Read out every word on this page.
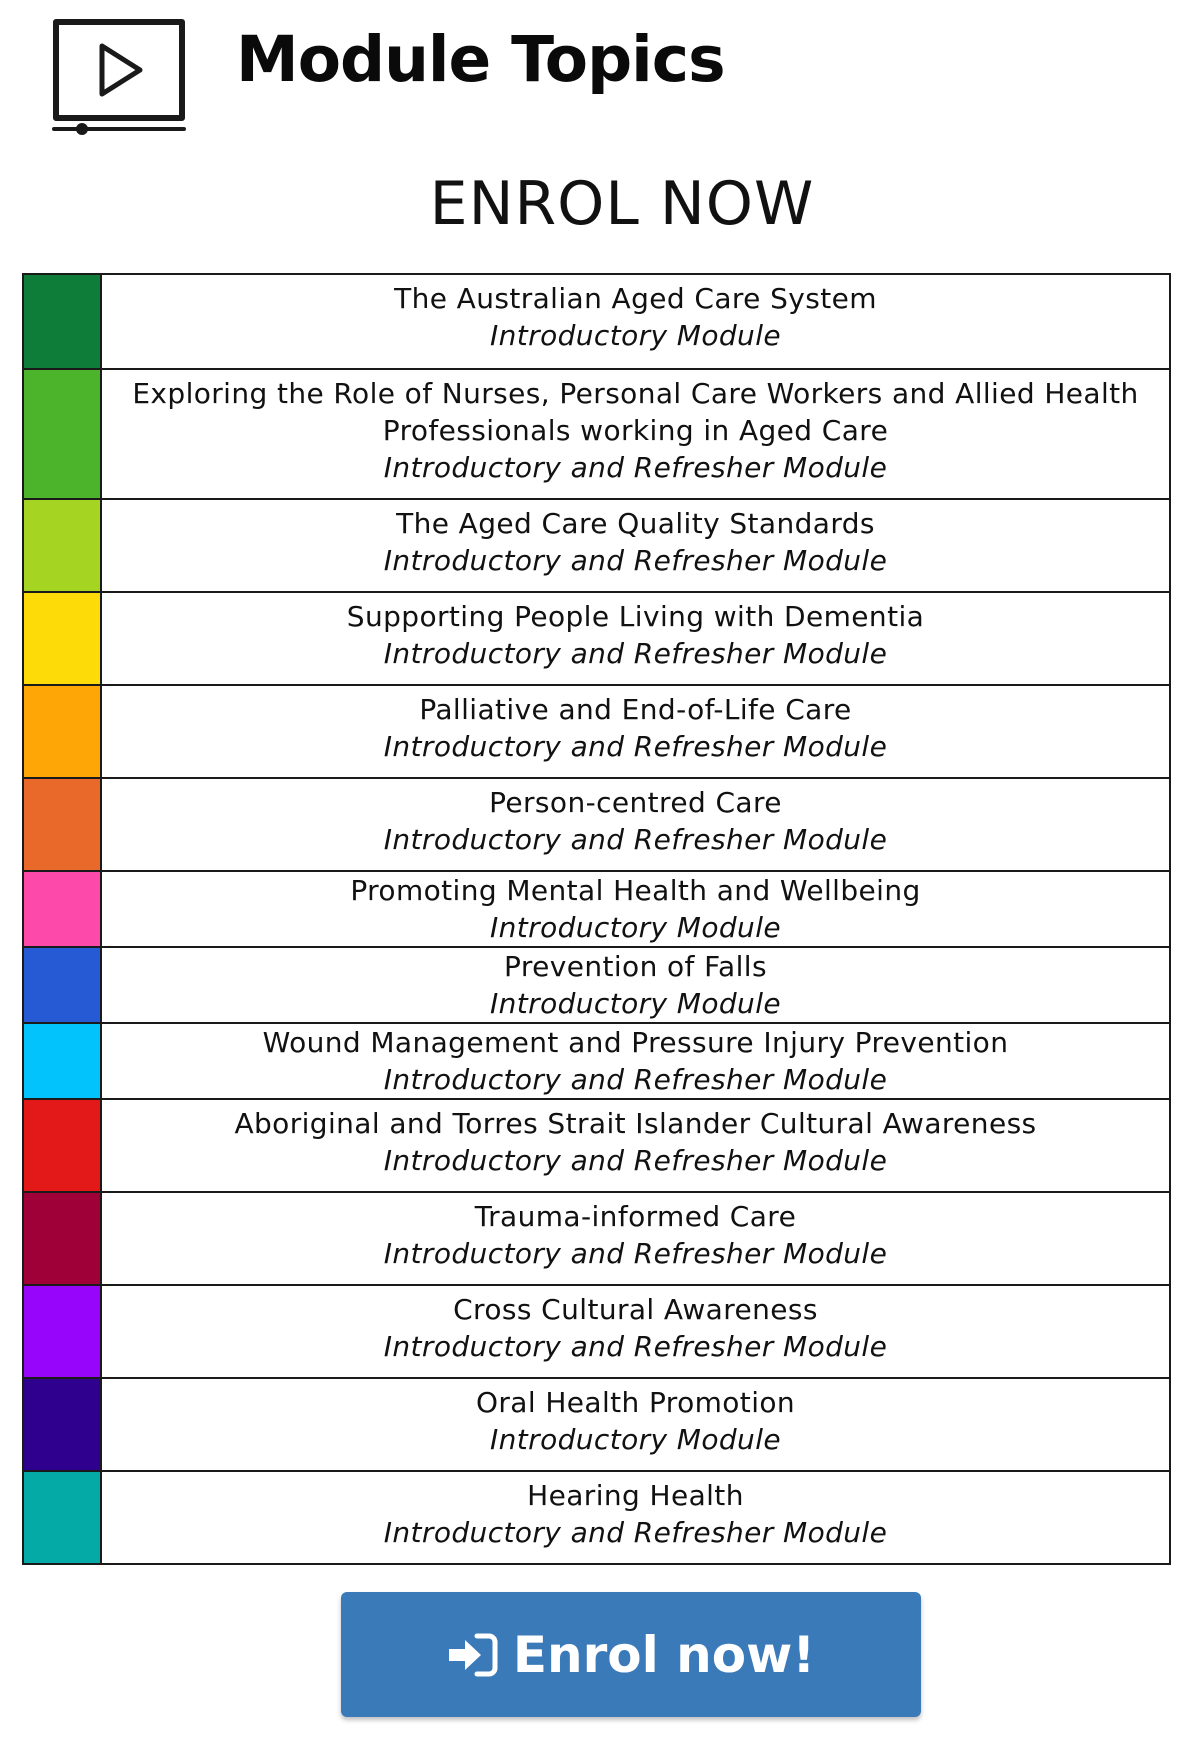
Module Topics
ENROL NOW
The Australian Aged Care System
Introductory Module
Exploring the Role of Nurses, Personal Care Workers and Allied Health Professionals working in Aged Care
Introductory and Refresher Module
The Aged Care Quality Standards
Introductory and Refresher Module
Supporting People Living with Dementia
Introductory and Refresher Module
Palliative and End-of-Life Care
Introductory and Refresher Module
Person-centred Care
Introductory and Refresher Module
Promoting Mental Health and Wellbeing
Introductory Module
Prevention of Falls
Introductory Module
Wound Management and Pressure Injury Prevention
Introductory and Refresher Module
Aboriginal and Torres Strait Islander Cultural Awareness
Introductory and Refresher Module
Trauma-informed Care
Introductory and Refresher Module
Cross Cultural Awareness
Introductory and Refresher Module
Oral Health Promotion
Introductory Module
Hearing Health
Introductory and Refresher Module
Enrol now!
